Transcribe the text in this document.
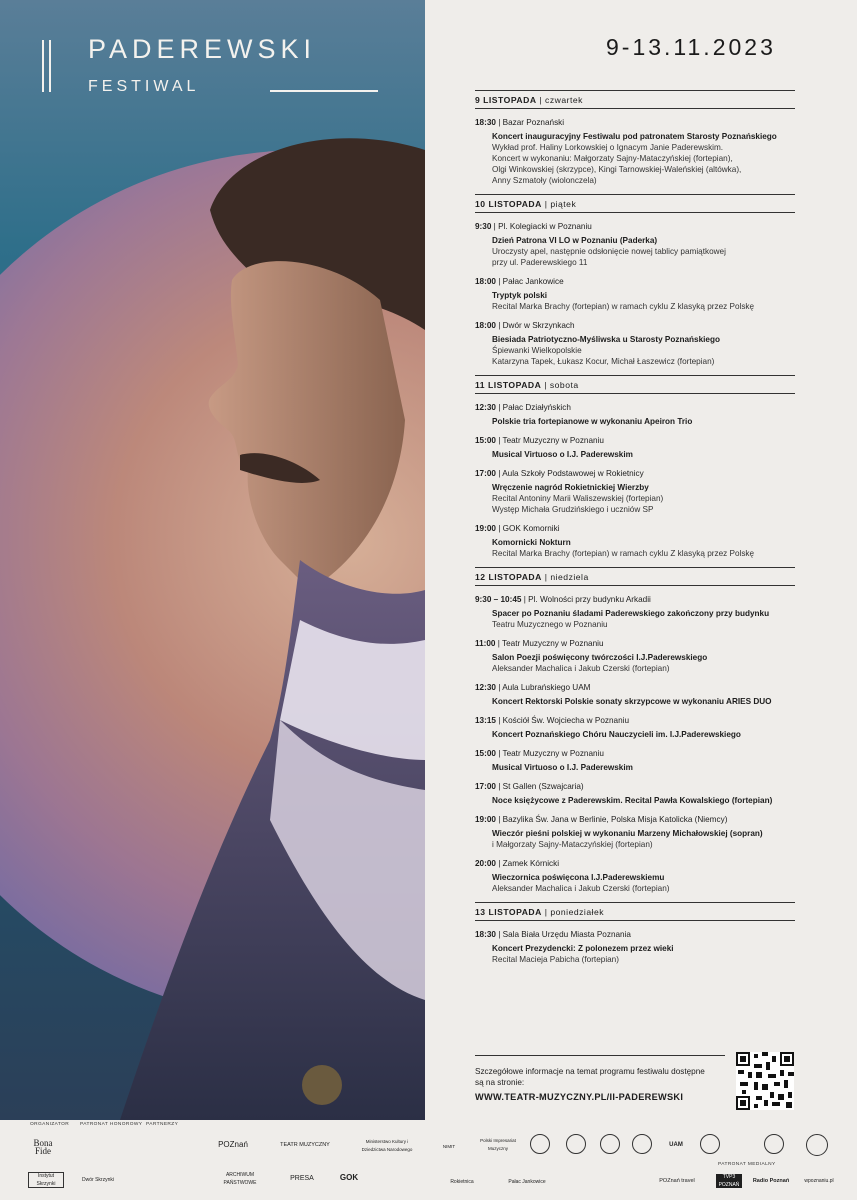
PADEREWSKI
FESTIWAL
9-13.11.2023
9 LISTOPADA | czwartek
18:30 | Bazar Poznański
Koncert inauguracyjny Festiwalu pod patronatem Starosty Poznańskiego
Wykład prof. Haliny Lorkowskiej o Ignacym Janie Paderewskim.
Koncert w wykonaniu: Małgorzaty Sajny-Mataczyńskiej (fortepian),
Olgi Winkowskiej (skrzypce), Kingi Tarnowskiej-Waleńskiej (altówka),
Anny Szmatoły (wiolonczela)
10 LISTOPADA | piątek
9:30 | Pl. Kolegiacki w Poznaniu
Dzień Patrona VI LO w Poznaniu (Paderka)
Uroczysty apel, następnie odsłonięcie nowej tablicy pamiątkowej
przy ul. Paderewskiego 11
18:00 | Pałac Jankowice
Tryptyk polski
Recital Marka Brachy (fortepian) w ramach cyklu Z klasyką przez Polskę
18:00 | Dwór w Skrzynkach
Biesiada Patriotyczno-Myśliwska u Starosty Poznańskiego
Śpiewanki Wielkopolskie
Katarzyna Tapek, Łukasz Kocur, Michał Łaszewicz (fortepian)
11 LISTOPADA | sobota
12:30 | Pałac Działyńskich
Polskie tria fortepianowe w wykonaniu Apeiron Trio
15:00 | Teatr Muzyczny w Poznaniu
Musical Virtuoso o I.J. Paderewskim
17:00 | Aula Szkoły Podstawowej w Rokietnicy
Wręczenie nagród Rokietnickiej Wierzby
Recital Antoniny Marii Waliszewskiej (fortepian)
Występ Michała Grudzińskiego i uczniów SP
19:00 | GOK Komorniki
Komornicki Nokturn
Recital Marka Brachy (fortepian) w ramach cyklu Z klasyką przez Polskę
12 LISTOPADA | niedziela
9:30 – 10:45 | Pl. Wolności przy budynku Arkadii
Spacer po Poznaniu śladami Paderewskiego zakończony przy budynku
Teatru Muzycznego w Poznaniu
11:00 | Teatr Muzyczny w Poznaniu
Salon Poezji poświęcony twórczości I.J.Paderewskiego
Aleksander Machalica i Jakub Czerski (fortepian)
12:30 | Aula Lubrańskiego UAM
Koncert Rektorski Polskie sonaty skrzypcowe w wykonaniu ARIES DUO
13:15 | Kościół Św. Wojciecha w Poznaniu
Koncert Poznańskiego Chóru Nauczycieli im. I.J.Paderewskiego
15:00 | Teatr Muzyczny w Poznaniu
Musical Virtuoso o I.J. Paderewskim
17:00 | St Gallen (Szwajcaria)
Noce księżycowe z Paderewskim. Recital Pawła Kowalskiego (fortepian)
19:00 | Bazylika Św. Jana w Berlinie, Polska Misja Katolicka (Niemcy)
Wieczór pieśni polskiej w wykonaniu Marzeny Michałowskiej (sopran)
i Małgorzaty Sajny-Mataczyńskiej (fortepian)
20:00 | Zamek Kórnicki
Wieczornica poświęcona I.J.Paderewskiemu
Aleksander Machalica i Jakub Czerski (fortepian)
13 LISTOPADA | poniedziałek
18:30 | Sala Biała Urzędu Miasta Poznania
Koncert Prezydencki: Z polonezem przez wieki
Recital Macieja Pabicha (fortepian)
Szczegółowe informacje na temat programu festiwalu dostępne są na stronie:
WWW.TEATR-MUZYCZNY.PL/II-PADEREWSKI
ORGANIZATOR PATRONAT HONOROWY PARTNERZY
PATRONAT MEDIALNY
Bona Fide
Instytut Skrzynki
Dwór Skrzynki
POZnań	TEATR MUZYCZNY
Ministerstwo Kultury i Dziedzictwa Narodowego
ARCHIWUM PAŃSTWOWE
PRESA	GOK
NIMIT
Polski Impresariat Muzyczny
UAM
Rokietnica	Pałac Jankowice	POZnań travel
TVP3 POZNAŃ
Radio Poznań	wpoznaniu.pl
